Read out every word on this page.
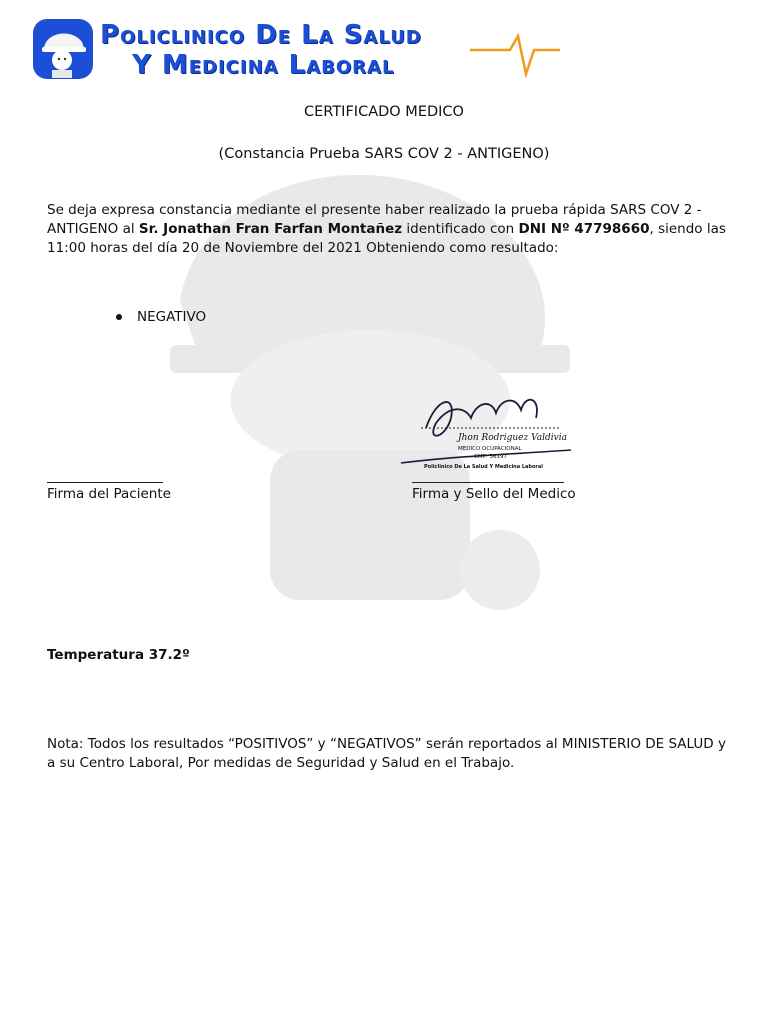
Policlinico De La Salud
Y Medicina Laboral
CERTIFICADO MEDICO
(Constancia Prueba SARS COV 2 - ANTIGENO)
Se deja expresa constancia mediante el presente haber realizado la prueba rápida SARS COV 2 - ANTIGENO al Sr. Jonathan Fran Farfan Montañez identificado con DNI Nº 47798660, siendo las 11:00 horas del día 20 de Noviembre del 2021 Obteniendo como resultado:
NEGATIVO
Jhon Rodriguez Valdivia
MEDICO OCUPACIONAL
CMP: 56197
Policlinico De La Salud Y Medicina Laboral
Firma del Paciente	Firma y Sello del Medico
Temperatura 37.2º
Nota: Todos los resultados “POSITIVOS” y “NEGATIVOS” serán reportados al MINISTERIO DE SALUD y a su Centro Laboral, Por medidas de Seguridad y Salud en el Trabajo.
